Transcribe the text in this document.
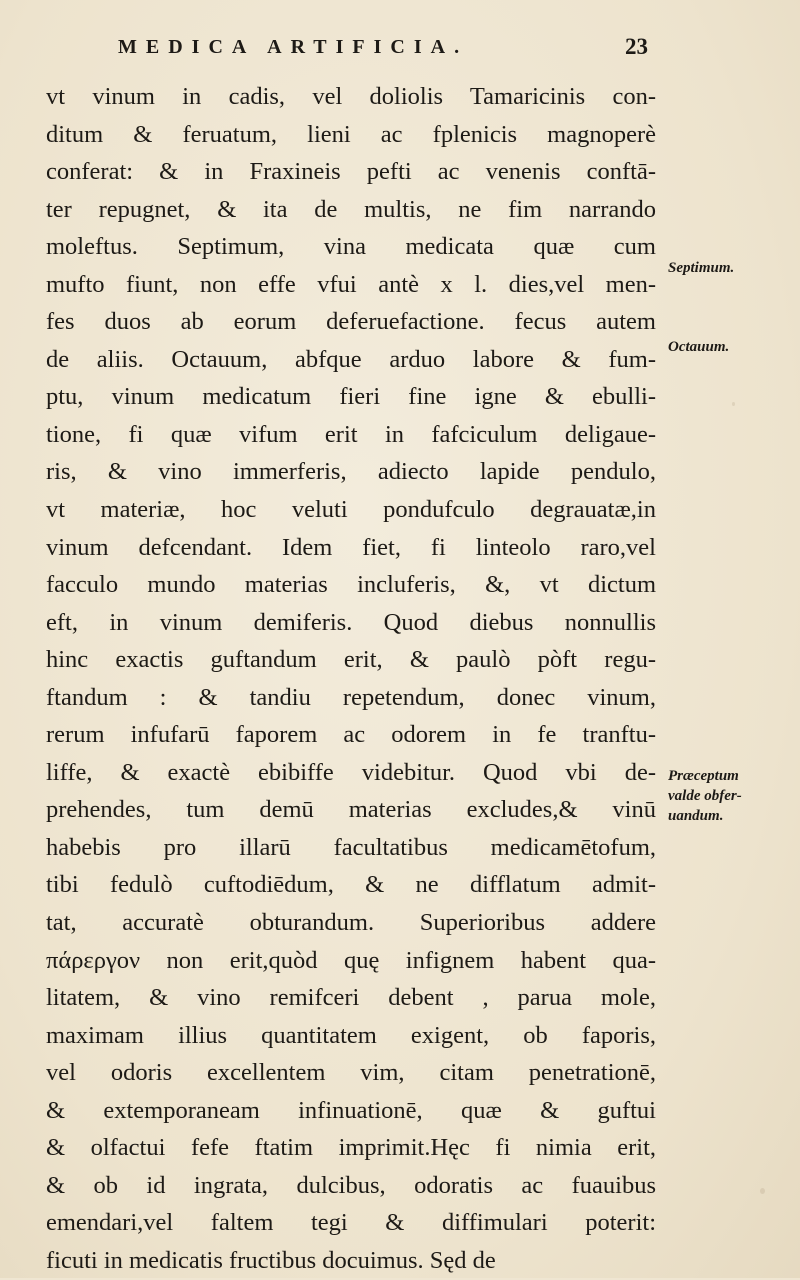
MEDICA ARTIFICIA.	23
vt vinum in cadis, vel doliolis Tamaricinis con-
ditum & feruatum, lieni ac fplenicis magnoperè
conferat: & in Fraxineis pefti ac venenis conftā-
ter repugnet, & ita de multis, ne fim narrando
moleftus. Septimum, vina medicata quæ cum
mufto fiunt, non effe vfui antè x l. dies,vel men-
fes duos ab eorum deferuefactione. fecus autem
de aliis. Octauum, abfque arduo labore & fum-
ptu, vinum medicatum fieri fine igne & ebulli-
tione, fi quæ vifum erit in fafciculum deligaue-
ris, & vino immerferis, adiecto lapide pendulo,
vt materiæ, hoc veluti pondufculo degrauatæ,in
vinum defcendant. Idem fiet, fi linteolo raro,vel
facculo mundo materias incluferis, &, vt dictum
eft, in vinum demiferis. Quod diebus nonnullis
hinc exactis guftandum erit, & paulò pòft regu-
ftandum : & tandiu repetendum, donec vinum,
rerum infufarū faporem ac odorem in fe tranftu-
liffe, & exactè ebibiffe videbitur. Quod vbi de-
prehendes, tum demū materias excludes,& vinū
habebis pro illarū facultatibus medicamētofum,
tibi fedulò cuftodiēdum, & ne difflatum admit-
tat, accuratè obturandum. Superioribus addere
πάρεργον non erit,quòd quę infignem habent qua-
litatem, & vino remifceri debent , parua mole,
maximam illius quantitatem exigent, ob faporis,
vel odoris excellentem vim, citam penetrationē,
& extemporaneam infinuationē, quæ & guftui
& olfactui fefe ftatim imprimit.Hęc fi nimia erit,
& ob id ingrata, dulcibus, odoratis ac fuauibus
emendari,vel faltem tegi & diffimulari poterit:
ficuti in medicatis fructibus docuimus. Sęd de
Septimum.
Octauum.
Præceptum
valde obfer-
uandum.
